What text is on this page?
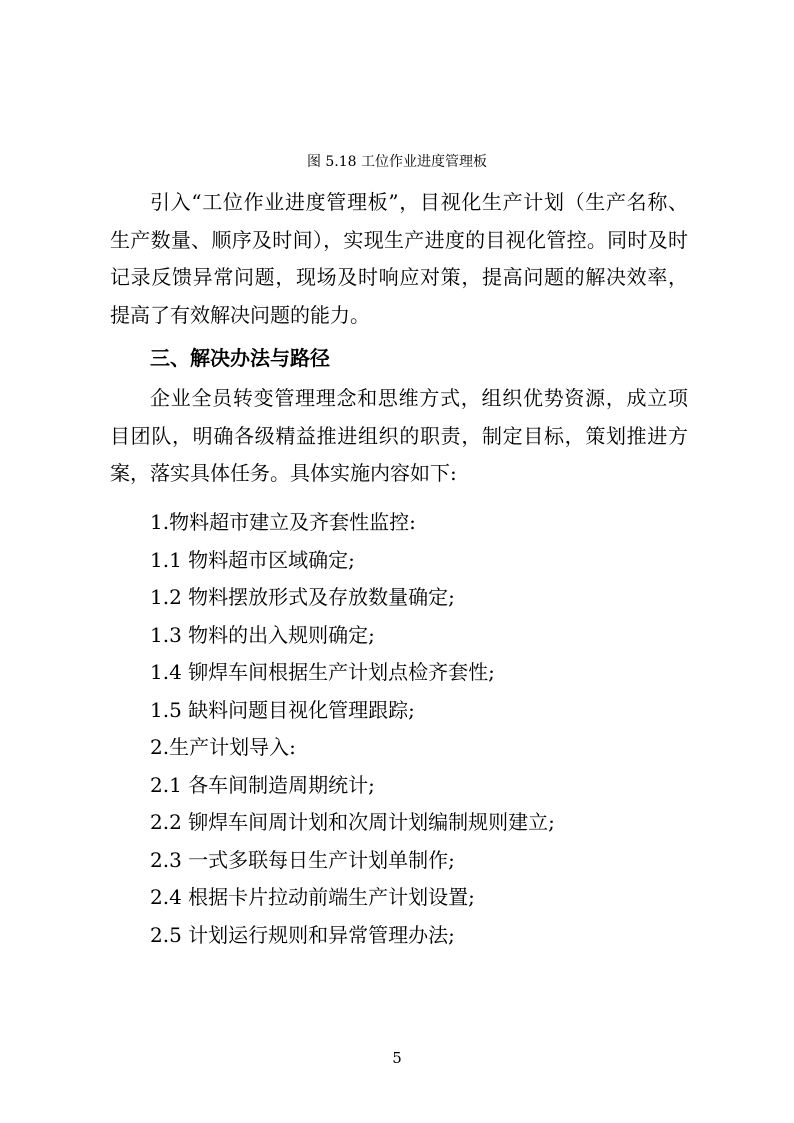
图 5.18 工位作业进度管理板
引入“工位作业进度管理板”，目视化生产计划（生产名称、生产数量、顺序及时间），实现生产进度的目视化管控。同时及时记录反馈异常问题，现场及时响应对策，提高问题的解决效率，提高了有效解决问题的能力。
三、解决办法与路径
企业全员转变管理理念和思维方式，组织优势资源，成立项目团队，明确各级精益推进组织的职责，制定目标，策划推进方案，落实具体任务。具体实施内容如下:
1.物料超市建立及齐套性监控:
1.1 物料超市区域确定;
1.2 物料摆放形式及存放数量确定;
1.3 物料的出入规则确定;
1.4 铆焊车间根据生产计划点检齐套性;
1.5 缺料问题目视化管理跟踪;
2.生产计划导入:
2.1 各车间制造周期统计;
2.2 铆焊车间周计划和次周计划编制规则建立;
2.3 一式多联每日生产计划单制作;
2.4 根据卡片拉动前端生产计划设置;
2.5 计划运行规则和异常管理办法;
5
